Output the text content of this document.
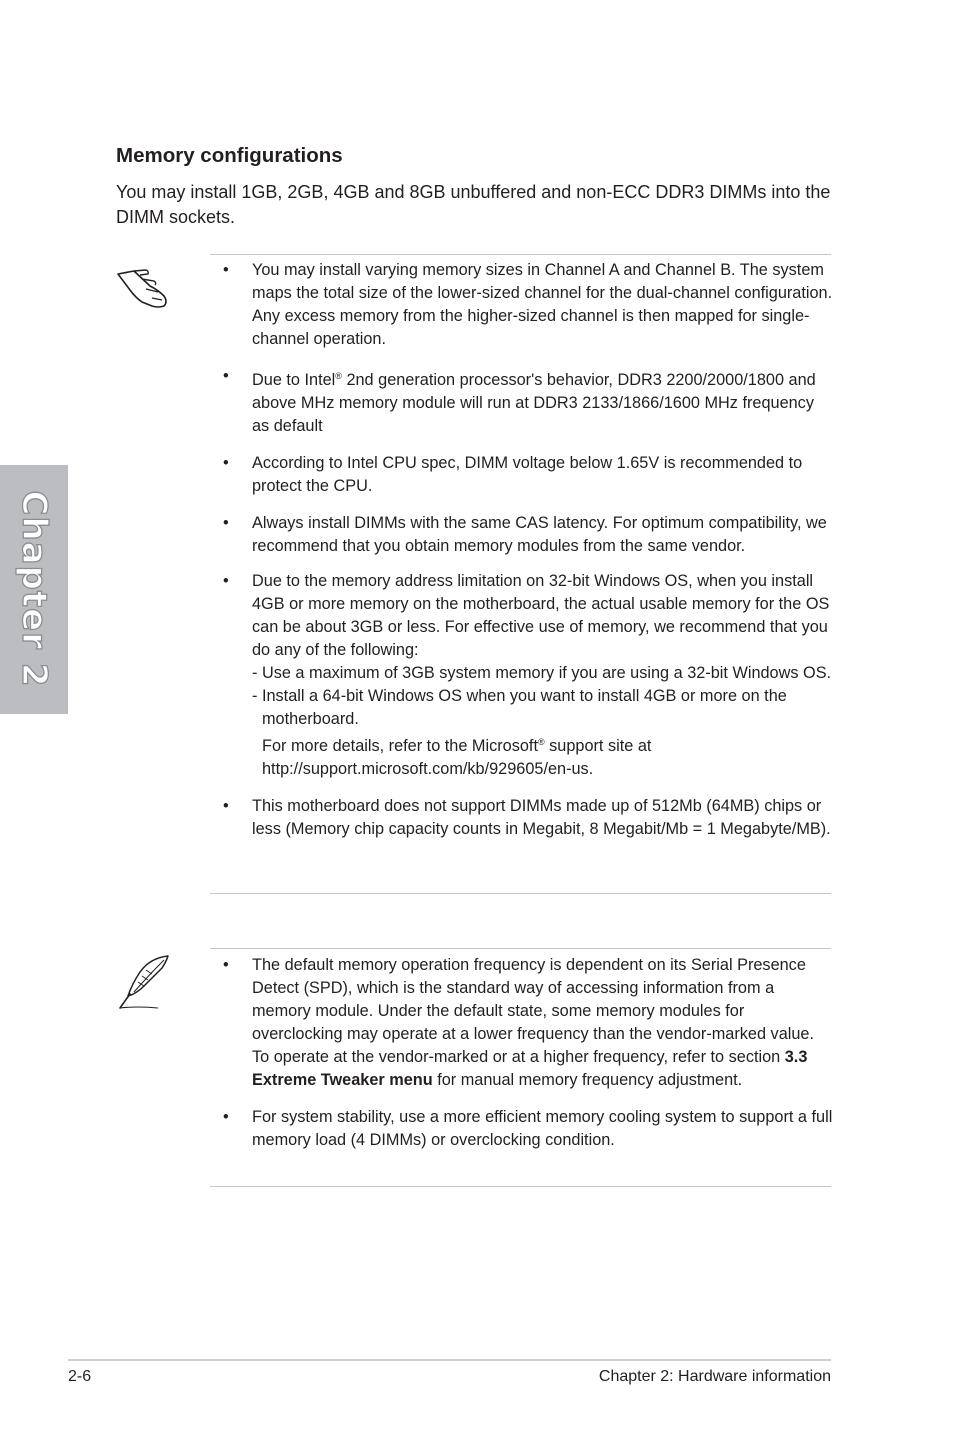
Chapter 2
Memory configurations

You may install 1GB, 2GB, 4GB and 8GB unbuffered and non-ECC DDR3 DIMMs into the DIMM sockets.

• You may install varying memory sizes in Channel A and Channel B. The system maps the total size of the lower-sized channel for the dual-channel configuration. Any excess memory from the higher-sized channel is then mapped for single-channel operation.
• Due to Intel® 2nd generation processor's behavior, DDR3 2200/2000/1800 and above MHz memory module will run at DDR3 2133/1866/1600 MHz frequency as default
• According to Intel CPU spec, DIMM voltage below 1.65V is recommended to protect the CPU.
• Always install DIMMs with the same CAS latency. For optimum compatibility, we recommend that you obtain memory modules from the same vendor.
• Due to the memory address limitation on 32-bit Windows OS, when you install 4GB or more memory on the motherboard, the actual usable memory for the OS can be about 3GB or less. For effective use of memory, we recommend that you do any of the following:
- Use a maximum of 3GB system memory if you are using a 32-bit Windows OS.
- Install a 64-bit Windows OS when you want to install 4GB or more on the
motherboard.
For more details, refer to the Microsoft® support site at
http://support.microsoft.com/kb/929605/en-us.
• This motherboard does not support DIMMs made up of 512Mb (64MB) chips or less (Memory chip capacity counts in Megabit, 8 Megabit/Mb = 1 Megabyte/MB).
• The default memory operation frequency is dependent on its Serial Presence Detect (SPD), which is the standard way of accessing information from a memory module. Under the default state, some memory modules for overclocking may operate at a lower frequency than the vendor-marked value. To operate at the vendor-marked or at a higher frequency, refer to section 3.3 Extreme Tweaker menu for manual memory frequency adjustment.
• For system stability, use a more efficient memory cooling system to support a full memory load (4 DIMMs) or overclocking condition.
2-6	Chapter 2: Hardware information
